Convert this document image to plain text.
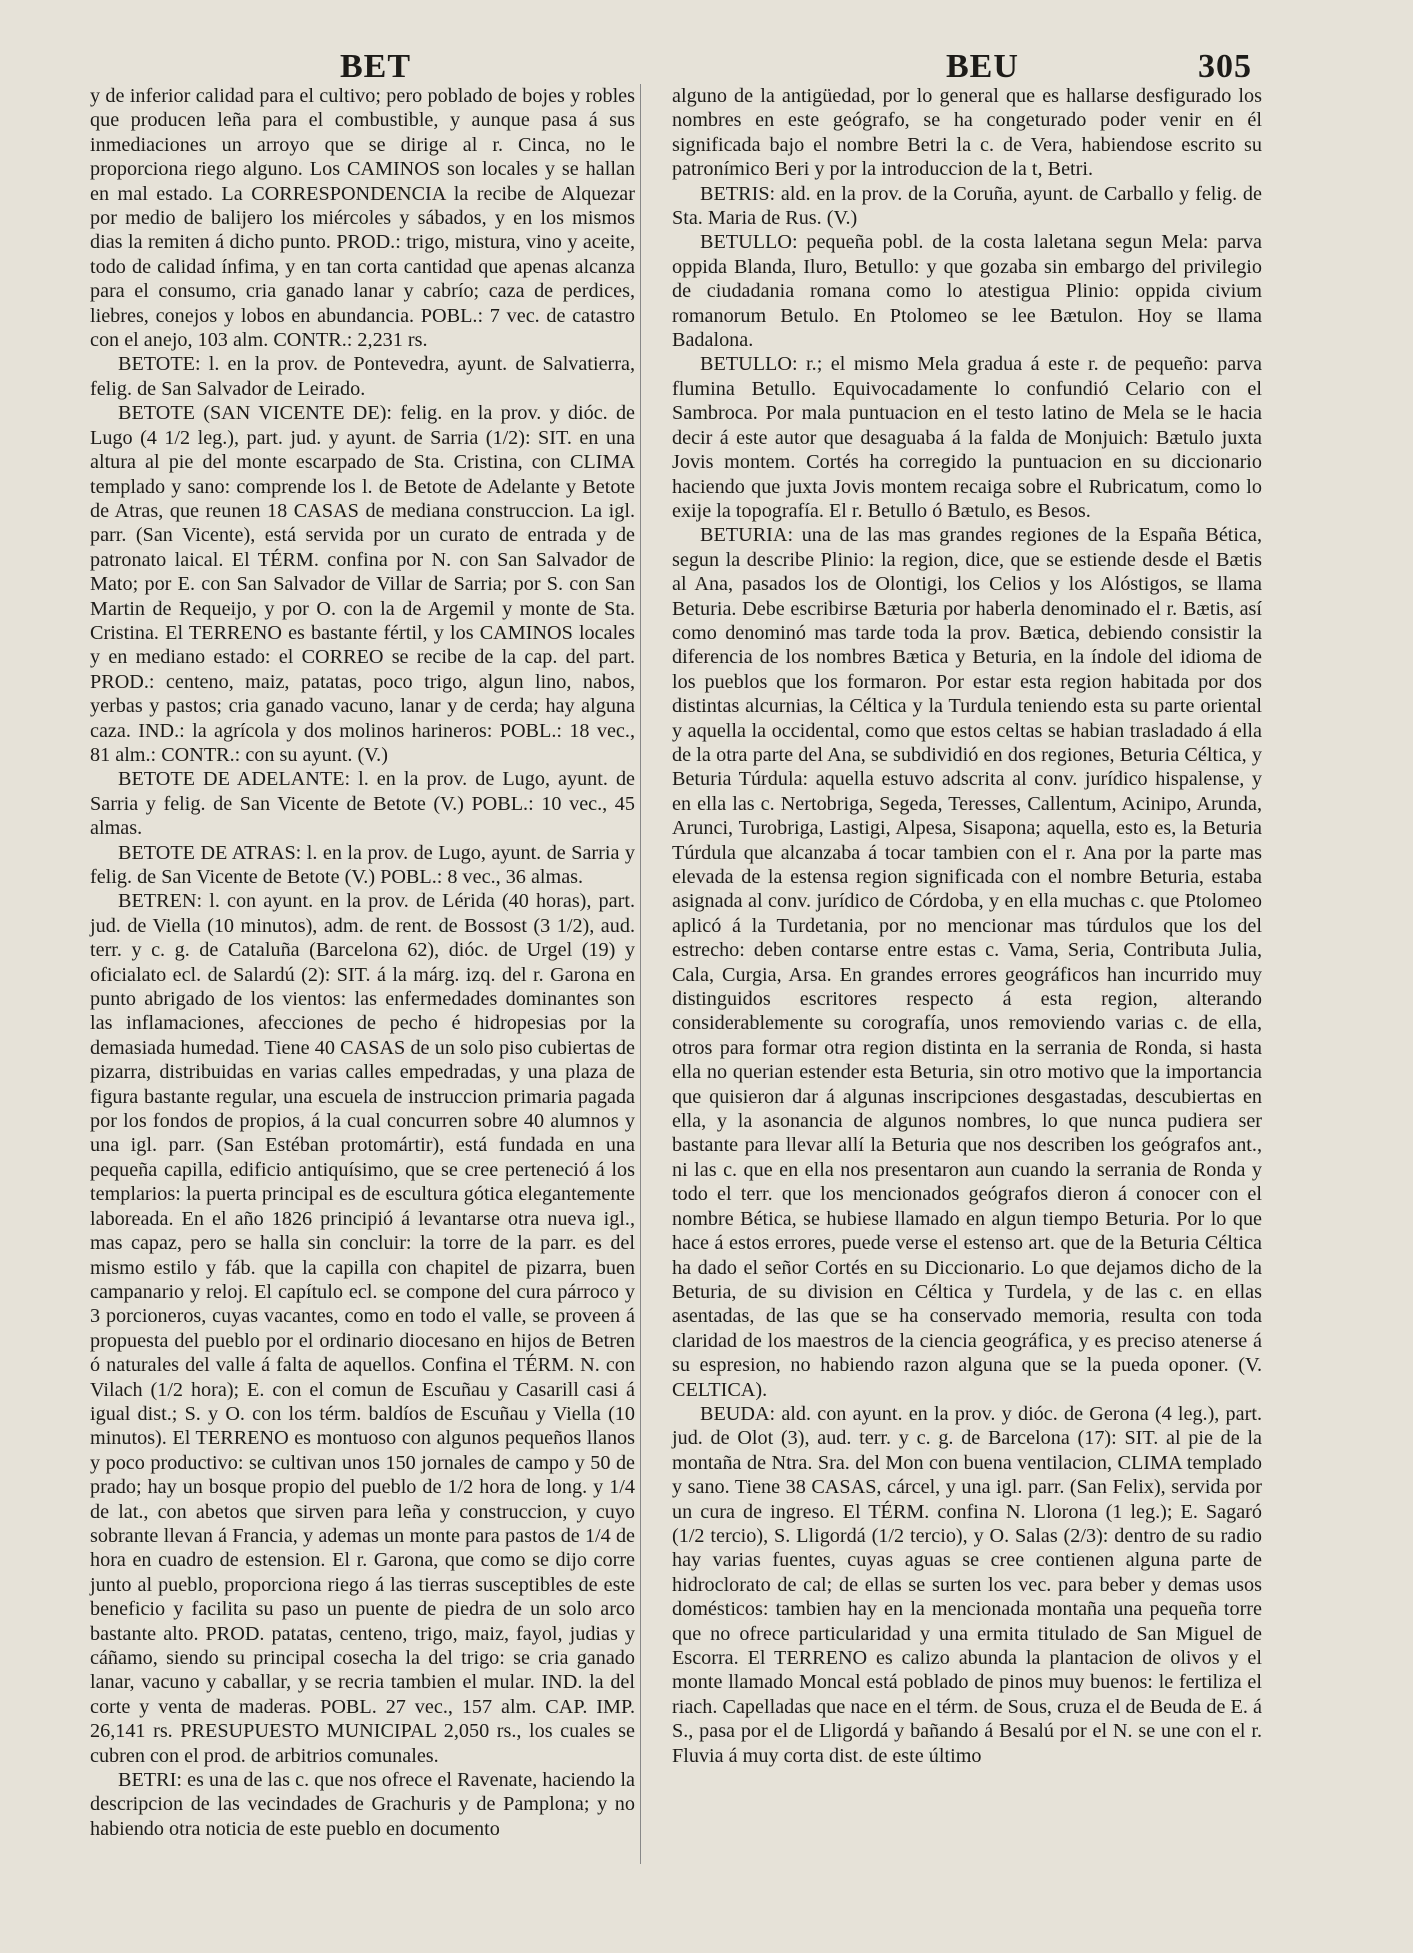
BET	BEU	305

y de inferior calidad para el cultivo; pero poblado de bojes y robles que producen leña para el combustible, y aunque pasa á sus inmediaciones un arroyo que se dirige al r. Cinca, no le proporciona riego alguno. Los CAMINOS son locales y se hallan en mal estado. La CORRESPONDENCIA la recibe de Alquezar por medio de balijero los miércoles y sábados, y en los mismos dias la remiten á dicho punto. PROD.: trigo, mistura, vino y aceite, todo de calidad ínfima, y en tan corta cantidad que apenas alcanza para el consumo, cria ganado lanar y cabrío; caza de perdices, liebres, conejos y lobos en abundancia. POBL.: 7 vec. de catastro con el anejo, 103 alm. CONTR.: 2,231 rs.

BETOTE: l. en la prov. de Pontevedra, ayunt. de Salvatierra, felig. de San Salvador de Leirado.

BETOTE (SAN VICENTE DE): felig. en la prov. y dióc. de Lugo (4 1/2 leg.), part. jud. y ayunt. de Sarria (1/2): SIT. en una altura al pie del monte escarpado de Sta. Cristina, con CLIMA templado y sano: comprende los l. de Betote de Adelante y Betote de Atras, que reunen 18 CASAS de mediana construccion. La igl. parr. (San Vicente), está servida por un curato de entrada y de patronato laical. El TÉRM. confina por N. con San Salvador de Mato; por E. con San Salvador de Villar de Sarria; por S. con San Martin de Requeijo, y por O. con la de Argemil y monte de Sta. Cristina. El TERRENO es bastante fértil, y los CAMINOS locales y en mediano estado: el CORREO se recibe de la cap. del part. PROD.: centeno, maiz, patatas, poco trigo, algun lino, nabos, yerbas y pastos; cria ganado vacuno, lanar y de cerda; hay alguna caza. IND.: la agrícola y dos molinos harineros: POBL.: 18 vec., 81 alm.: CONTR.: con su ayunt. (V.)

BETOTE DE ADELANTE: l. en la prov. de Lugo, ayunt. de Sarria y felig. de San Vicente de Betote (V.) POBL.: 10 vec., 45 almas.

BETOTE DE ATRAS: l. en la prov. de Lugo, ayunt. de Sarria y felig. de San Vicente de Betote (V.) POBL.: 8 vec., 36 almas.

BETREN: l. con ayunt. en la prov. de Lérida (40 horas), part. jud. de Viella (10 minutos), adm. de rent. de Bossost (3 1/2), aud. terr. y c. g. de Cataluña (Barcelona 62), dióc. de Urgel (19) y oficialato ecl. de Salardú (2): SIT. á la márg. izq. del r. Garona en punto abrigado de los vientos: las enfermedades dominantes son las inflamaciones, afecciones de pecho é hidropesias por la demasiada humedad. Tiene 40 CASAS de un solo piso cubiertas de pizarra, distribuidas en varias calles empedradas, y una plaza de figura bastante regular, una escuela de instruccion primaria pagada por los fondos de propios, á la cual concurren sobre 40 alumnos y una igl. parr. (San Estéban protomártir), está fundada en una pequeña capilla, edificio antiquísimo, que se cree perteneció á los templarios: la puerta principal es de escultura gótica elegantemente laboreada. En el año 1826 principió á levantarse otra nueva igl., mas capaz, pero se halla sin concluir: la torre de la parr. es del mismo estilo y fáb. que la capilla con chapitel de pizarra, buen campanario y reloj. El capítulo ecl. se compone del cura párroco y 3 porcioneros, cuyas vacantes, como en todo el valle, se proveen á propuesta del pueblo por el ordinario diocesano en hijos de Betren ó naturales del valle á falta de aquellos. Confina el TÉRM. N. con Vilach (1/2 hora); E. con el comun de Escuñau y Casarill casi á igual dist.; S. y O. con los térm. baldíos de Escuñau y Viella (10 minutos). El TERRENO es montuoso con algunos pequeños llanos y poco productivo: se cultivan unos 150 jornales de campo y 50 de prado; hay un bosque propio del pueblo de 1/2 hora de long. y 1/4 de lat., con abetos que sirven para leña y construccion, y cuyo sobrante llevan á Francia, y ademas un monte para pastos de 1/4 de hora en cuadro de estension. El r. Garona, que como se dijo corre junto al pueblo, proporciona riego á las tierras susceptibles de este beneficio y facilita su paso un puente de piedra de un solo arco bastante alto. PROD. patatas, centeno, trigo, maiz, fayol, judias y cáñamo, siendo su principal cosecha la del trigo: se cria ganado lanar, vacuno y caballar, y se recria tambien el mular. IND. la del corte y venta de maderas. POBL. 27 vec., 157 alm. CAP. IMP. 26,141 rs. PRESUPUESTO MUNICIPAL 2,050 rs., los cuales se cubren con el prod. de arbitrios comunales.

BETRI: es una de las c. que nos ofrece el Ravenate, haciendo la descripcion de las vecindades de Grachuris y de Pamplona; y no habiendo otra noticia de este pueblo en documento

alguno de la antigüedad, por lo general que es hallarse desfigurado los nombres en este geógrafo, se ha congeturado poder venir en él significada bajo el nombre Betri la c. de Vera, habiendose escrito su patronímico Beri y por la introduccion de la t, Betri.

BETRIS: ald. en la prov. de la Coruña, ayunt. de Carballo y felig. de Sta. Maria de Rus. (V.)

BETULLO: pequeña pobl. de la costa laletana segun Mela: parva oppida Blanda, Iluro, Betullo: y que gozaba sin embargo del privilegio de ciudadania romana como lo atestigua Plinio: oppida civium romanorum Betulo. En Ptolomeo se lee Bætulon. Hoy se llama Badalona.

BETULLO: r.; el mismo Mela gradua á este r. de pequeño: parva flumina Betullo. Equivocadamente lo confundió Celario con el Sambroca. Por mala puntuacion en el testo latino de Mela se le hacia decir á este autor que desaguaba á la falda de Monjuich: Bætulo juxta Jovis montem. Cortés ha corregido la puntuacion en su diccionario haciendo que juxta Jovis montem recaiga sobre el Rubricatum, como lo exije la topografía. El r. Betullo ó Bætulo, es Besos.

BETURIA: una de las mas grandes regiones de la España Bética, segun la describe Plinio: la region, dice, que se estiende desde el Bætis al Ana, pasados los de Olontigi, los Celios y los Alóstigos, se llama Beturia. Debe escribirse Bæturia por haberla denominado el r. Bætis, así como denominó mas tarde toda la prov. Bætica, debiendo consistir la diferencia de los nombres Bætica y Beturia, en la índole del idioma de los pueblos que los formaron. Por estar esta region habitada por dos distintas alcurnias, la Céltica y la Turdula teniendo esta su parte oriental y aquella la occidental, como que estos celtas se habian trasladado á ella de la otra parte del Ana, se subdividió en dos regiones, Beturia Céltica, y Beturia Túrdula: aquella estuvo adscrita al conv. jurídico hispalense, y en ella las c. Nertobriga, Segeda, Teresses, Callentum, Acinipo, Arunda, Arunci, Turobriga, Lastigi, Alpesa, Sisapona; aquella, esto es, la Beturia Túrdula que alcanzaba á tocar tambien con el r. Ana por la parte mas elevada de la estensa region significada con el nombre Beturia, estaba asignada al conv. jurídico de Córdoba, y en ella muchas c. que Ptolomeo aplicó á la Turdetania, por no mencionar mas túrdulos que los del estrecho: deben contarse entre estas c. Vama, Seria, Contributa Julia, Cala, Curgia, Arsa. En grandes errores geográficos han incurrido muy distinguidos escritores respecto á esta region, alterando considerablemente su corografía, unos removiendo varias c. de ella, otros para formar otra region distinta en la serrania de Ronda, si hasta ella no querian estender esta Beturia, sin otro motivo que la importancia que quisieron dar á algunas inscripciones desgastadas, descubiertas en ella, y la asonancia de algunos nombres, lo que nunca pudiera ser bastante para llevar allí la Beturia que nos describen los geógrafos ant., ni las c. que en ella nos presentaron aun cuando la serrania de Ronda y todo el terr. que los mencionados geógrafos dieron á conocer con el nombre Bética, se hubiese llamado en algun tiempo Beturia. Por lo que hace á estos errores, puede verse el estenso art. que de la Beturia Céltica ha dado el señor Cortés en su Diccionario. Lo que dejamos dicho de la Beturia, de su division en Céltica y Turdela, y de las c. en ellas asentadas, de las que se ha conservado memoria, resulta con toda claridad de los maestros de la ciencia geográfica, y es preciso atenerse á su espresion, no habiendo razon alguna que se la pueda oponer. (V. CELTICA).

BEUDA: ald. con ayunt. en la prov. y dióc. de Gerona (4 leg.), part. jud. de Olot (3), aud. terr. y c. g. de Barcelona (17): SIT. al pie de la montaña de Ntra. Sra. del Mon con buena ventilacion, CLIMA templado y sano. Tiene 38 CASAS, cárcel, y una igl. parr. (San Felix), servida por un cura de ingreso. El TÉRM. confina N. Llorona (1 leg.); E. Sagaró (1/2 tercio), S. Lligordá (1/2 tercio), y O. Salas (2/3): dentro de su radio hay varias fuentes, cuyas aguas se cree contienen alguna parte de hidroclorato de cal; de ellas se surten los vec. para beber y demas usos domésticos: tambien hay en la mencionada montaña una pequeña torre que no ofrece particularidad y una ermita titulado de San Miguel de Escorra. El TERRENO es calizo abunda la plantacion de olivos y el monte llamado Moncal está poblado de pinos muy buenos: le fertiliza el riach. Capelladas que nace en el térm. de Sous, cruza el de Beuda de E. á S., pasa por el de Lligordá y bañando á Besalú por el N. se une con el r. Fluvia á muy corta dist. de este último
